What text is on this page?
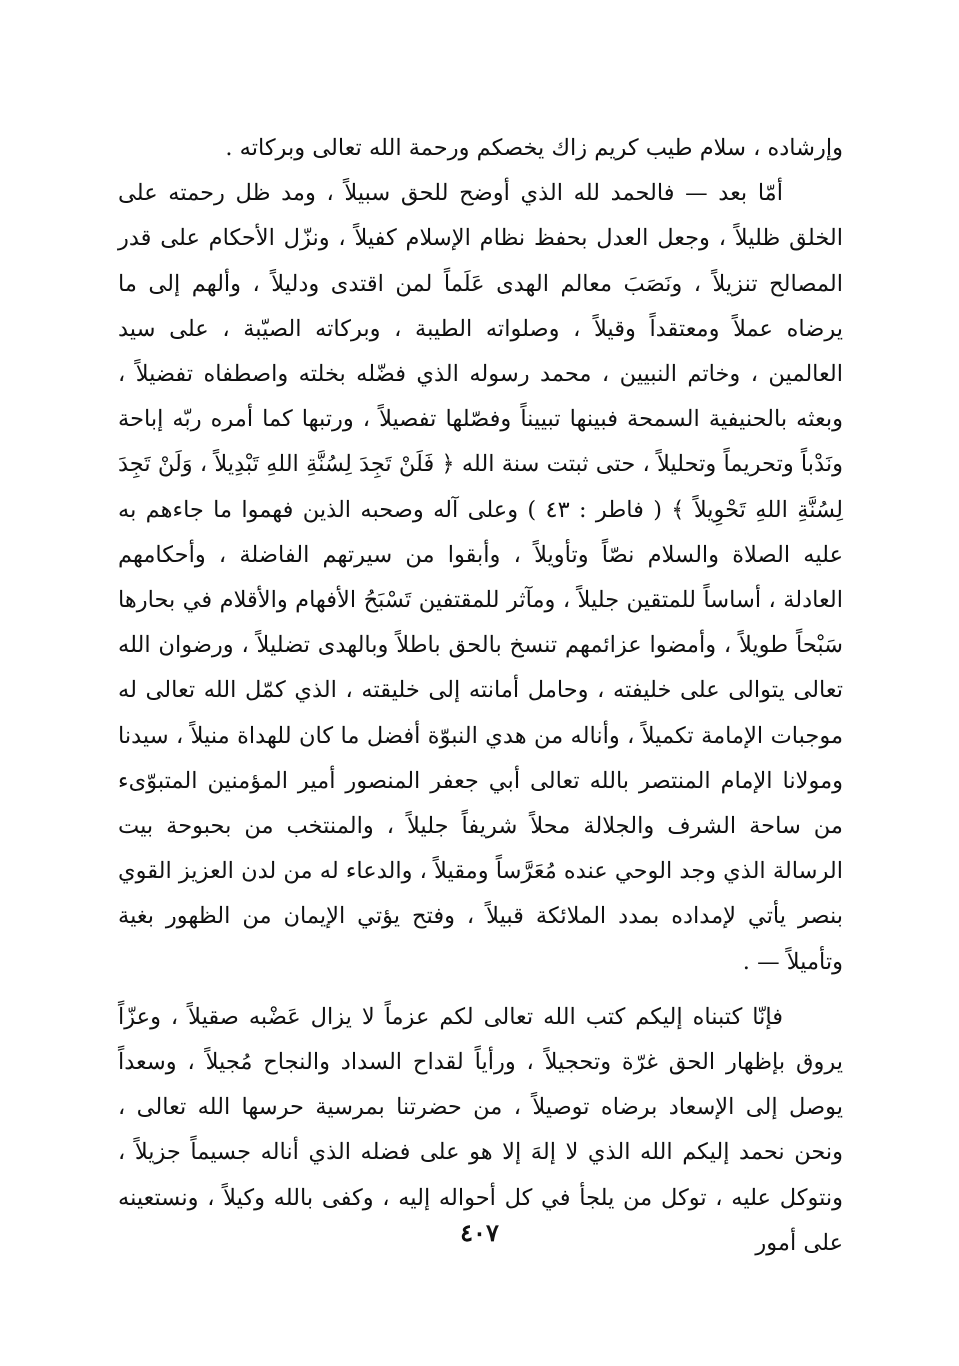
وإرشاده ، سلام طيب كريم زاك يخصكم ورحمة الله تعالى وبركاته .

أمّا بعد — فالحمد لله الذي أوضح للحق سبيلاً ، ومد ظل رحمته على الخلق ظليلاً ، وجعل العدل بحفظ نظام الإسلام كفيلاً ، ونزّل الأحكام على قدر المصالح تنزيلاً ، ونَصَبَ معالم الهدى عَلَماً لمن اقتدى ودليلاً ، وألهم إلى ما يرضاه عملاً ومعتقداً وقيلاً ، وصلواته الطيبة ، وبركاته الصيّبة ، على سيد العالمين ، وخاتم النبيين ، محمد رسوله الذي فضّله بخلته واصطفاه تفضيلاً ، وبعثه بالحنيفية السمحة فبينها تبييناً وفصّلها تفصيلاً ، ورتبها كما أمره ربّه إباحة ونَدْباً وتحريماً وتحليلاً ، حتى ثبتت سنة الله ﴿ فَلَنْ تَجِدَ لِسُنَّةِ اللهِ تَبْدِيلاً ، وَلَنْ تَجِدَ لِسُنَّةِ اللهِ تَحْوِيلاً ﴾ ( فاطر : ٤٣ ) وعلى آله وصحبه الذين فهموا ما جاءهم به عليه الصلاة والسلام نصّاً وتأويلاً ، وأبقوا من سيرتهم الفاضلة ، وأحكامهم العادلة ، أساساً للمتقين جليلاً ، ومآثر للمقتفين تَسْبَحُ الأفهام والأقلام في بحارها سَبْحاً طويلاً ، وأمضوا عزائمهم تنسخ بالحق باطلاً وبالهدى تضليلاً ، ورضوان الله تعالى يتوالى على خليفته ، وحامل أمانته إلى خليقته ، الذي كمّل الله تعالى له موجبات الإمامة تكميلاً ، وأناله من هدي النبوّة أفضل ما كان للهداة منيلاً ، سيدنا ومولانا الإمام المنتصر بالله تعالى أبي جعفر المنصور أمير المؤمنين المتبوّىء من ساحة الشرف والجلالة محلاً شريفاً جليلاً ، والمنتخب من بحبوحة بيت الرسالة الذي وجد الوحي عنده مُعَرَّساً ومقيلاً ، والدعاء له من لدن العزيز القوي بنصر يأتي لإمداده بمدد الملائكة قبيلاً ، وفتح يؤتي الإيمان من الظهور بغية وتأميلاً — .

فإنّا كتبناه إليكم كتب الله تعالى لكم عزماً لا يزال عَضْبه صقيلاً ، وعزّاً يروق بإظهار الحق غرّة وتحجيلاً ، ورأياً لقداح السداد والنجاح مُجيلاً ، وسعداً يوصل إلى الإسعاد برضاه توصيلاً ، من حضرتنا بمرسية حرسها الله تعالى ، ونحن نحمد إليكم الله الذي لا إلهَ إلا هو على فضله الذي أناله جسيماً جزيلاً ، ونتوكل عليه ، توكل من يلجأ في كل أحواله إليه ، وكفى بالله وكيلاً ، ونستعينه على أمور

٤٠٧
